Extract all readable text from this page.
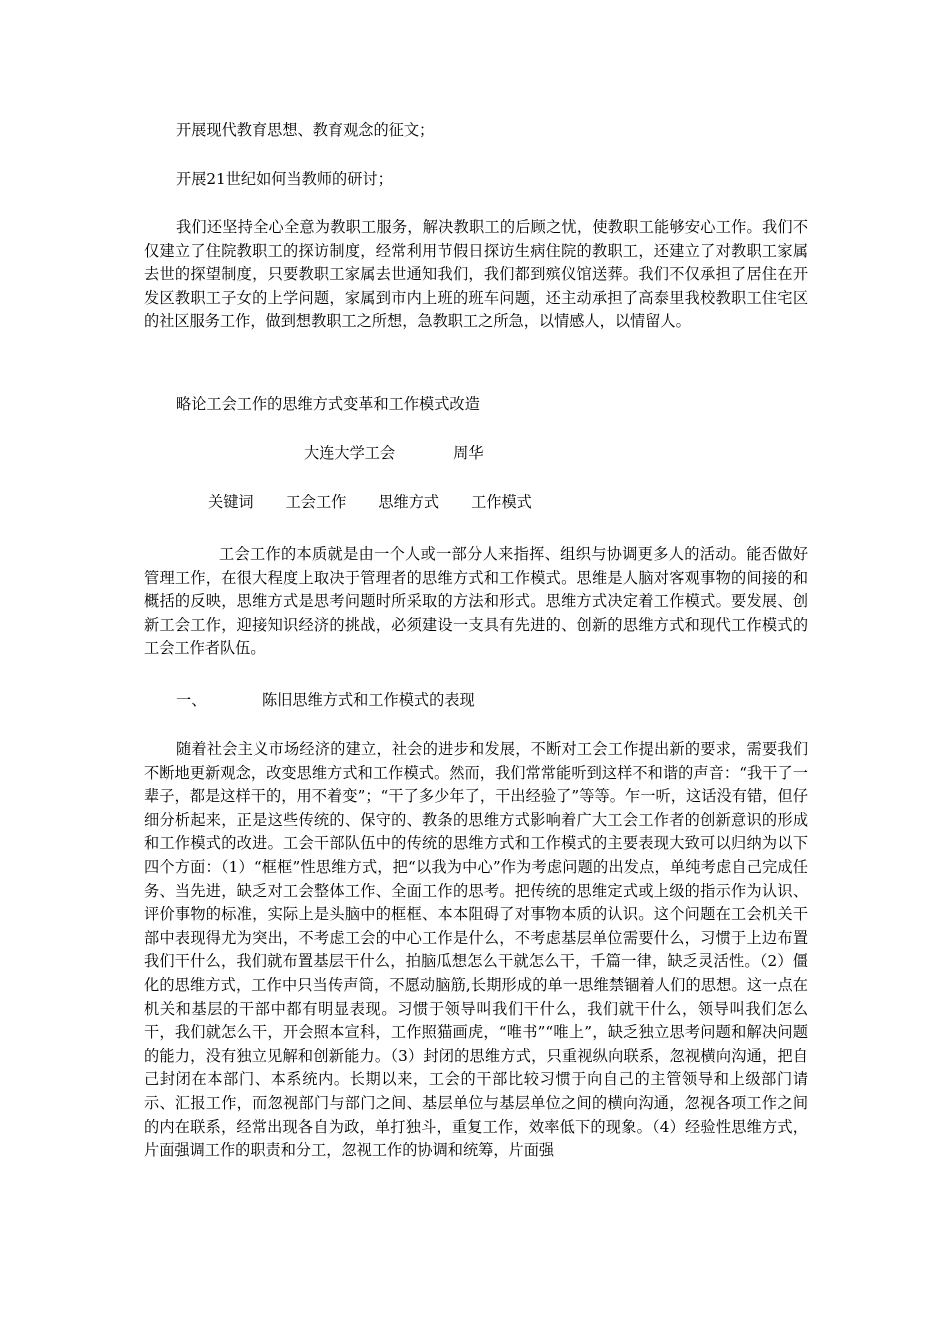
开展现代教育思想、教育观念的征文；

开展21世纪如何当教师的研讨；

我们还坚持全心全意为教职工服务，解决教职工的后顾之忧，使教职工能够安心工作。我们不仅建立了住院教职工的探访制度，经常利用节假日探访生病住院的教职工，还建立了对教职工家属去世的探望制度，只要教职工家属去世通知我们，我们都到殡仪馆送葬。我们不仅承担了居住在开发区教职工子女的上学问题，家属到市内上班的班车问题，还主动承担了高泰里我校教职工住宅区的社区服务工作，做到想教职工之所想，急教职工之所急，以情感人，以情留人。

略论工会工作的思维方式变革和工作模式改造

大连大学工会	周华
关键词 工会工作 思维方式 工作模式

工会工作的本质就是由一个人或一部分人来指挥、组织与协调更多人的活动。能否做好管理工作，在很大程度上取决于管理者的思维方式和工作模式。思维是人脑对客观事物的间接的和概括的反映，思维方式是思考问题时所采取的方法和形式。思维方式决定着工作模式。要发展、创新工会工作，迎接知识经济的挑战，必须建设一支具有先进的、创新的思维方式和现代工作模式的工会工作者队伍。

一、	陈旧思维方式和工作模式的表现

随着社会主义市场经济的建立，社会的进步和发展，不断对工会工作提出新的要求，需要我们不断地更新观念，改变思维方式和工作模式。然而，我们常常能听到这样不和谐的声音：“我干了一辈子，都是这样干的，用不着变”；“干了多少年了，干出经验了”等等。乍一听，这话没有错，但仔细分析起来，正是这些传统的、保守的、教条的思维方式影响着广大工会工作者的创新意识的形成和工作模式的改进。工会干部队伍中的传统的思维方式和工作模式的主要表现大致可以归纳为以下四个方面：（1）“框框”性思维方式，把“以我为中心”作为考虑问题的出发点，单纯考虑自己完成任务、当先进，缺乏对工会整体工作、全面工作的思考。把传统的思维定式或上级的指示作为认识、评价事物的标准，实际上是头脑中的框框、本本阻碍了对事物本质的认识。这个问题在工会机关干部中表现得尤为突出，不考虑工会的中心工作是什么，不考虑基层单位需要什么，习惯于上边布置我们干什么，我们就布置基层干什么，拍脑瓜想怎么干就怎么干，千篇一律，缺乏灵活性。（2）僵化的思维方式，工作中只当传声筒，不愿动脑筋,长期形成的单一思维禁锢着人们的思想。这一点在机关和基层的干部中都有明显表现。习惯于领导叫我们干什么，我们就干什么，领导叫我们怎么干，我们就怎么干，开会照本宣科，工作照猫画虎，“唯书”“唯上”，缺乏独立思考问题和解决问题的能力，没有独立见解和创新能力。（3）封闭的思维方式，只重视纵向联系，忽视横向沟通，把自己封闭在本部门、本系统内。长期以来，工会的干部比较习惯于向自己的主管领导和上级部门请示、汇报工作，而忽视部门与部门之间、基层单位与基层单位之间的横向沟通，忽视各项工作之间的内在联系，经常出现各自为政，单打独斗，重复工作，效率低下的现象。（4）经验性思维方式，片面强调工作的职责和分工，忽视工作的协调和统筹，片面强
